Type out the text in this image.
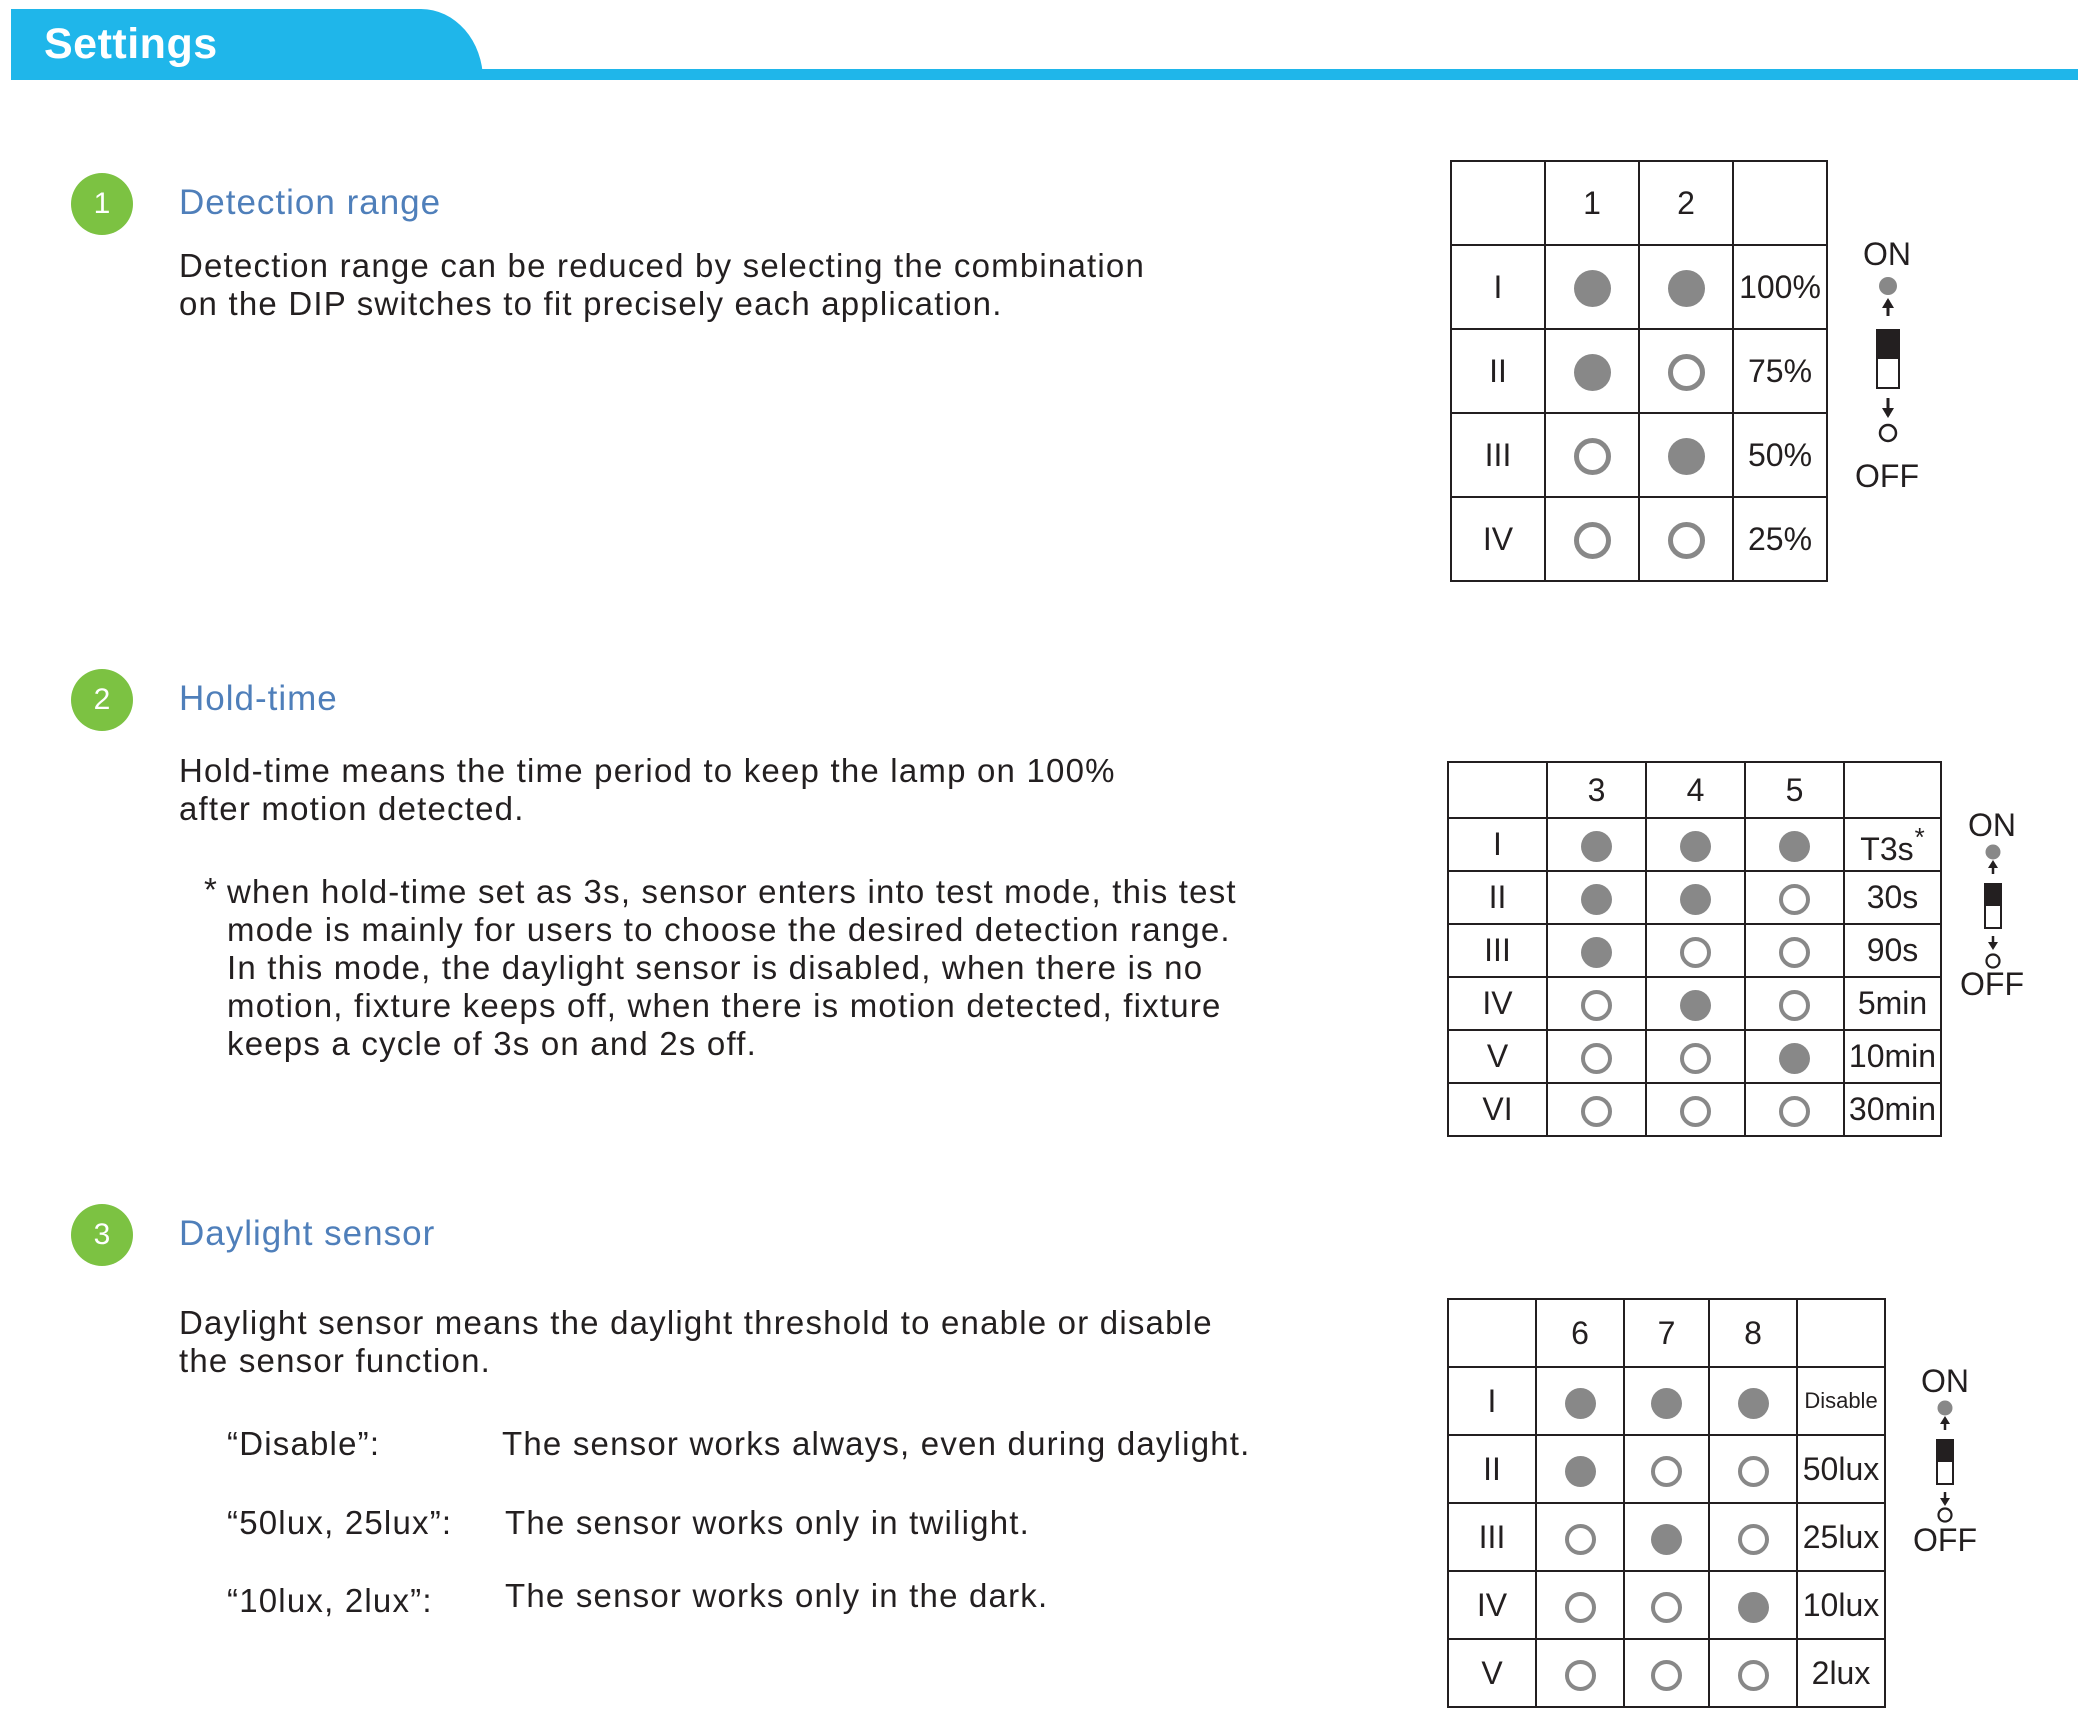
Settings
1	Detection range
Detection range can be reduced by selecting the combination
on the DIP switches to fit precisely each application.
	1	2	
I			100%
II			75%
III			50%
IV			25%
ON
OFF
2	Hold-time
Hold-time means the time period to keep the lamp on 100%
after motion detected.
* when hold-time set as 3s, sensor enters into test mode, this test
mode is mainly for users to choose the desired detection range.
In this mode, the daylight sensor is disabled, when there is no
motion, fixture keeps off, when there is motion detected, fixture
keeps a cycle of 3s on and 2s off.
	3	4	5	
I				T3s*
II				30s
III				90s
IV				5min
V				10min
VI				30min
ON
OFF
3	Daylight sensor
Daylight sensor means the daylight threshold to enable or disable
the sensor function.
“Disable”:	The sensor works always, even during daylight.
“50lux, 25lux”: The sensor works only in twilight.
“10lux, 2lux”: The sensor works only in the dark.
	6	7	8	
I				Disable
II				50lux
III				25lux
IV				10lux
V				2lux
ON
OFF
